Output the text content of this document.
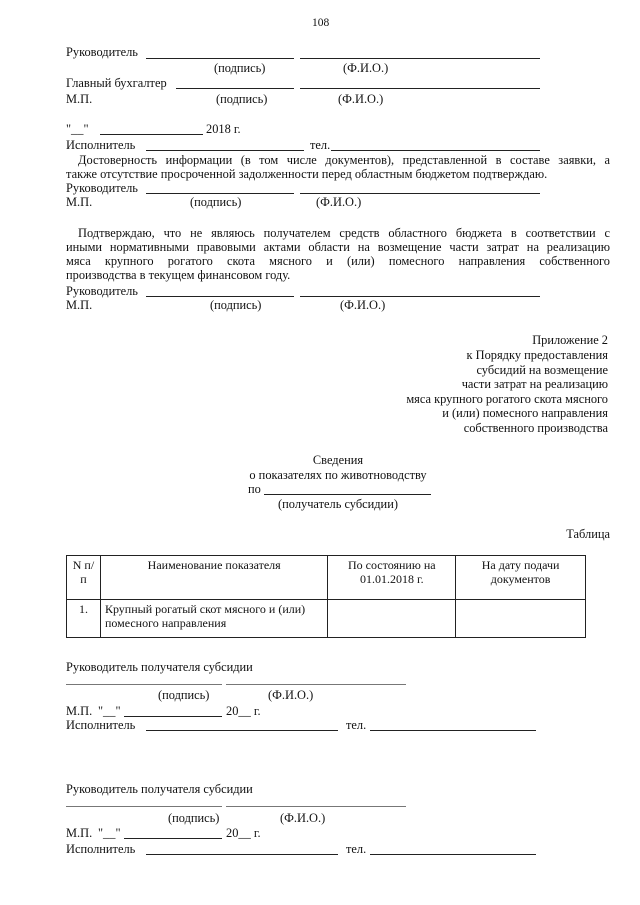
108
Руководитель
(подпись)	(Ф.И.О.)
Главный бухгалтер
М.П.	(подпись)	(Ф.И.О.)
"__"	2018 г.
Исполнитель	тел.
Достоверность информации (в том числе документов), представленной в составе заявки, а
также отсутствие просроченной задолженности перед областным бюджетом подтверждаю.
Руководитель
М.П.	(подпись)	(Ф.И.О.)
Подтверждаю, что не являюсь получателем средств областного бюджета в соответствии с
иными нормативными правовыми актами области на возмещение части затрат на реализацию
мяса крупного рогатого скота мясного и (или) помесного направления собственного
производства в текущем финансовом году.
Руководитель
М.П.	(подпись)	(Ф.И.О.)
Приложение 2
к Порядку предоставления
субсидий на возмещение
части затрат на реализацию
мяса крупного рогатого скота мясного
и (или) помесного направления
собственного производства
Сведения
о показателях по животноводству
по
(получатель субсидии)
Таблица
N п/п	Наименование показателя	По состоянию на 01.01.2018 г.	На дату подачи документов
1.	Крупный рогатый скот мясного и (или) помесного направления		
Руководитель получателя субсидии
(подпись)	(Ф.И.О.)
М.П. "__"	20__ г.
Исполнитель	тел.
Руководитель получателя субсидии
(подпись)	(Ф.И.О.)
М.П. "__"	20__ г.
Исполнитель	тел.
